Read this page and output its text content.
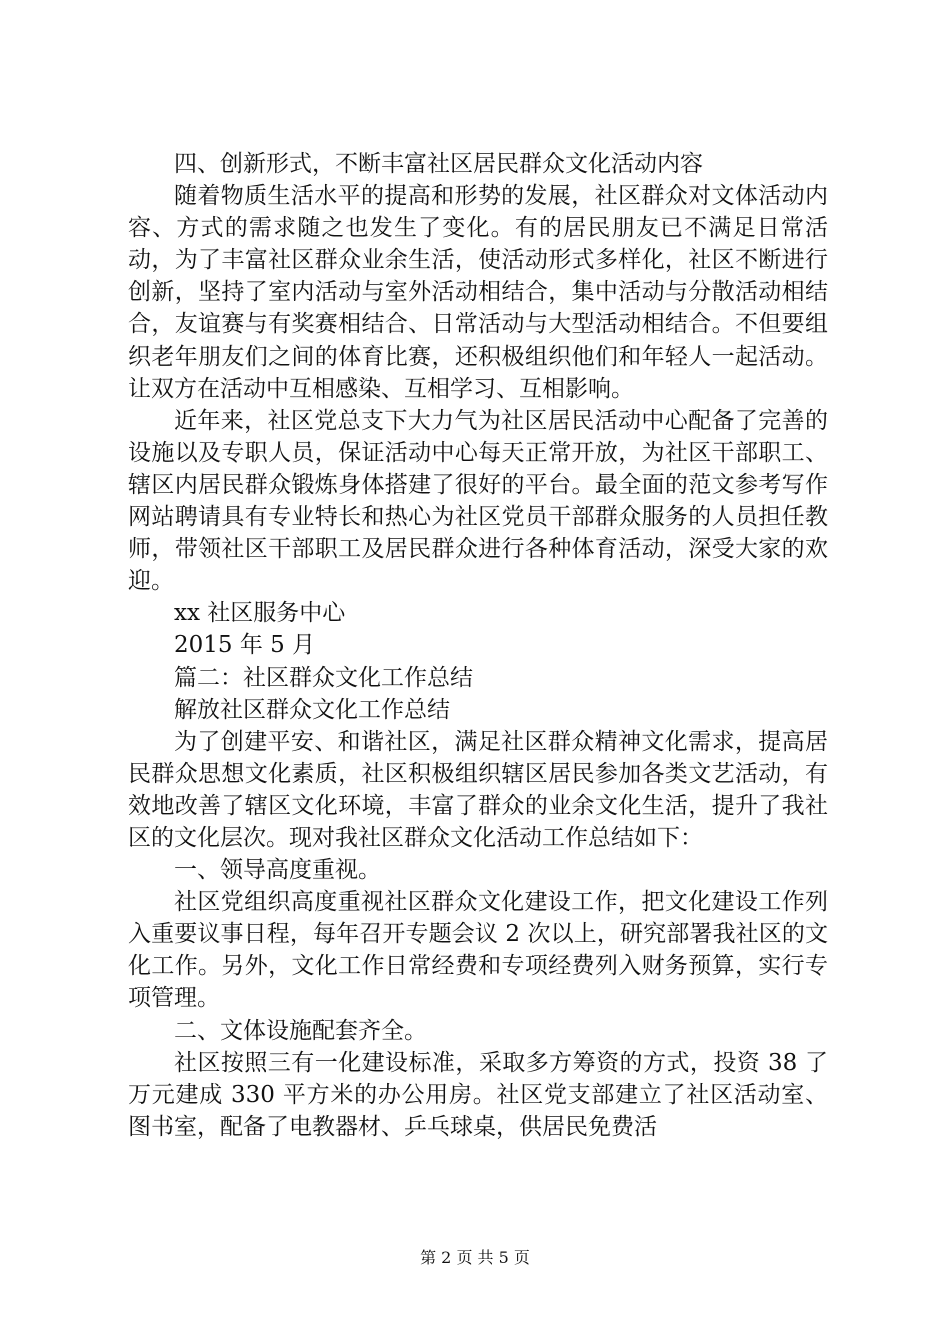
四、创新形式，不断丰富社区居民群众文化活动内容

随着物质生活水平的提高和形势的发展，社区群众对文体活动内容、方式的需求随之也发生了变化。有的居民朋友已不满足日常活动，为了丰富社区群众业余生活，使活动形式多样化，社区不断进行创新，坚持了室内活动与室外活动相结合，集中活动与分散活动相结合，友谊赛与有奖赛相结合、日常活动与大型活动相结合。不但要组织老年朋友们之间的体育比赛，还积极组织他们和年轻人一起活动。让双方在活动中互相感染、互相学习、互相影响。

近年来，社区党总支下大力气为社区居民活动中心配备了完善的设施以及专职人员，保证活动中心每天正常开放，为社区干部职工、辖区内居民群众锻炼身体搭建了很好的平台。最全面的范文参考写作网站聘请具有专业特长和热心为社区党员干部群众服务的人员担任教师，带领社区干部职工及居民群众进行各种体育活动，深受大家的欢迎。

xx 社区服务中心

2015 年 5 月

篇二：社区群众文化工作总结

解放社区群众文化工作总结

为了创建平安、和谐社区，满足社区群众精神文化需求，提高居民群众思想文化素质，社区积极组织辖区居民参加各类文艺活动，有效地改善了辖区文化环境，丰富了群众的业余文化生活，提升了我社区的文化层次。现对我社区群众文化活动工作总结如下：

一、领导高度重视。

社区党组织高度重视社区群众文化建设工作，把文化建设工作列入重要议事日程，每年召开专题会议 2 次以上，研究部署我社区的文化工作。另外，文化工作日常经费和专项经费列入财务预算，实行专项管理。

二、文体设施配套齐全。

社区按照三有一化建设标准，采取多方筹资的方式，投资 38 了万元建成 330 平方米的办公用房。社区党支部建立了社区活动室、图书室，配备了电教器材、乒乓球桌，供居民免费活

第 2 页 共 5 页
